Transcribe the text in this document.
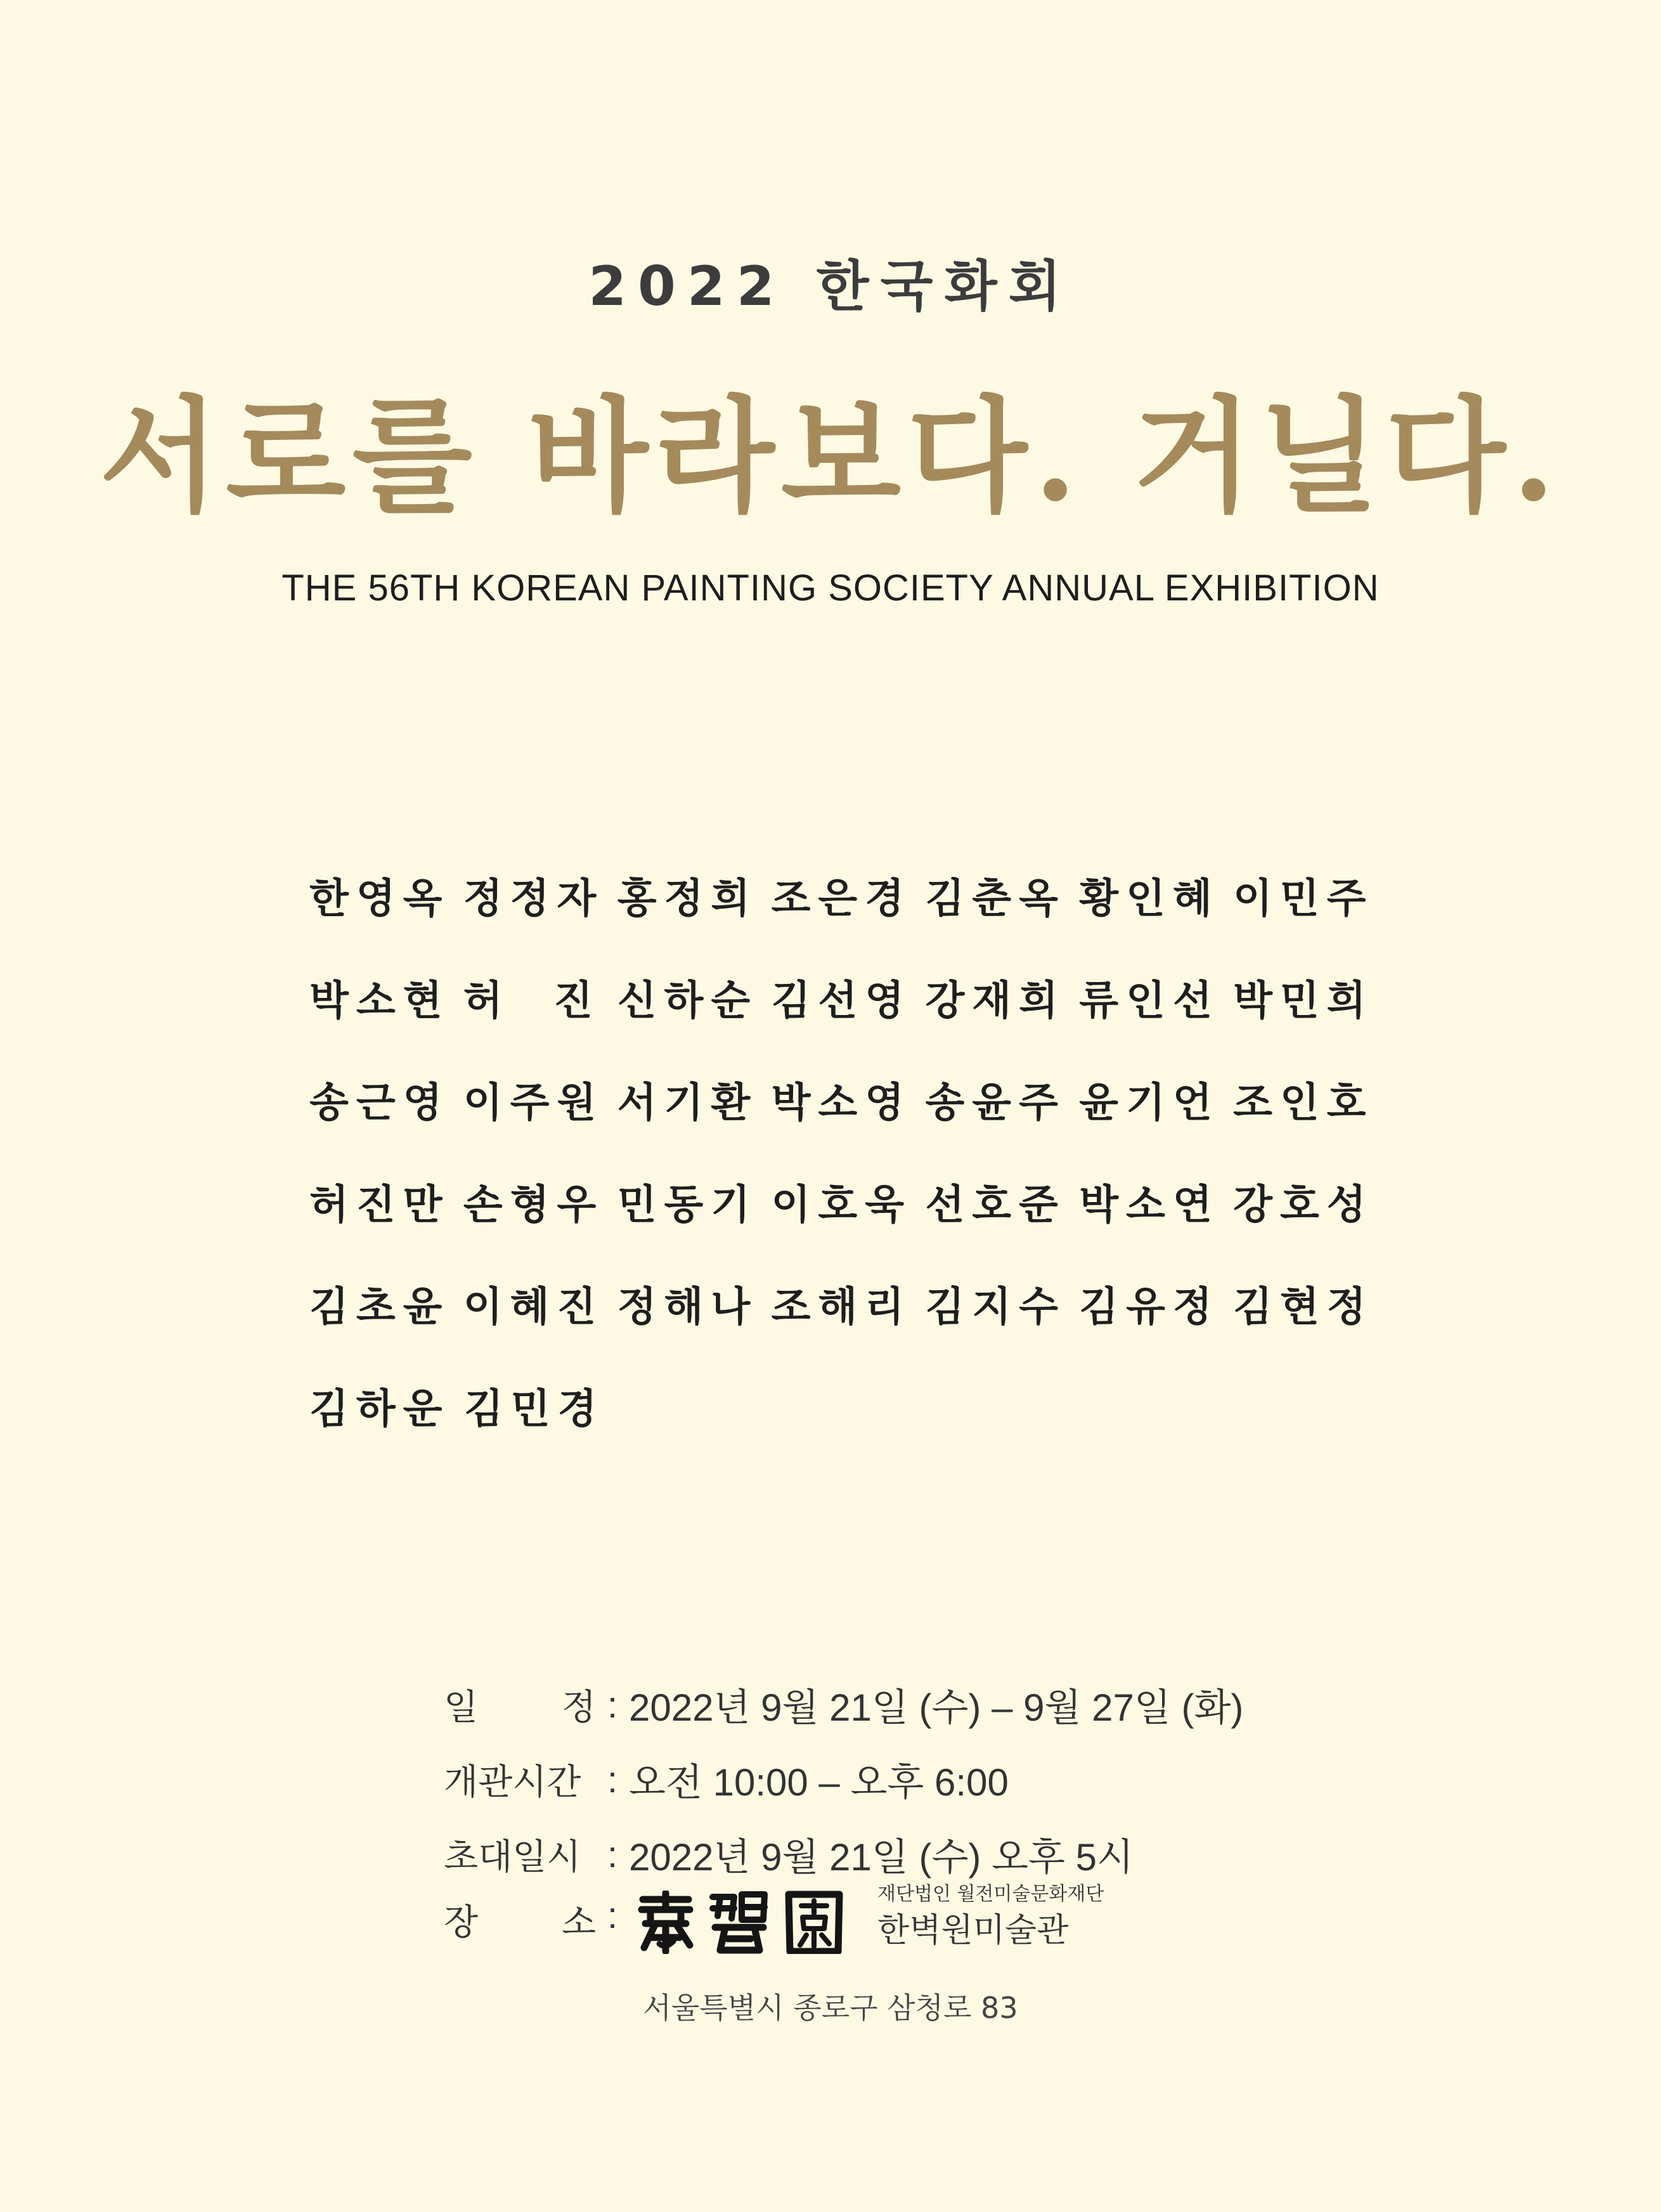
2022 한국화회
서로를 바라보다. 거닐다.
THE 56TH KOREAN PAINTING SOCIETY ANNUAL EXHIBITION
한영옥 정정자 홍정희 조은경 김춘옥 황인혜 이민주
박소현 허  진 신하순 김선영 강재희 류인선 박민희
송근영 이주원 서기환 박소영 송윤주 윤기언 조인호
허진만 손형우 민동기 이호욱 선호준 박소연 강호성
김초윤 이혜진 정해나 조해리 김지수 김유정 김현정
김하운 김민경
일 정 : 2022년 9월 21일 (수) – 9월 27일 (화)
개관시간 : 오전 10:00 – 오후 6:00
초대일시 : 2022년 9월 21일 (수) 오후 5시
장 소 :
재단법인 월전미술문화재단
한벽원미술관
서울특별시 종로구 삼청로 83
